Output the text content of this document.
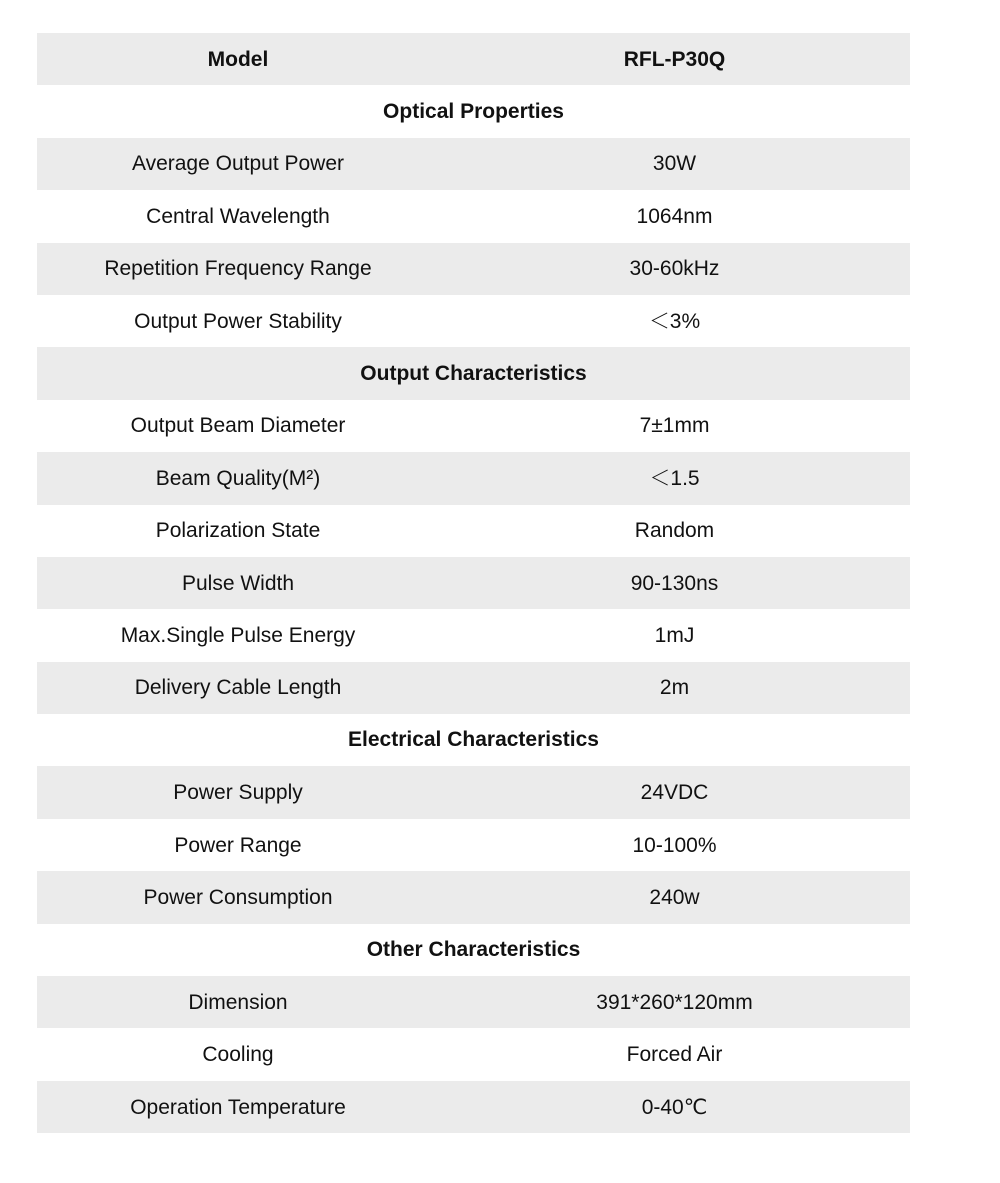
Model	RFL-P30Q
Optical Properties
Average Output Power	30W
Central Wavelength	1064nm
Repetition Frequency Range	30-60kHz
Output Power Stability	＜3%
Output Characteristics
Output Beam Diameter	7±1mm
Beam Quality(M²)	＜1.5
Polarization State	Random
Pulse Width	90-130ns
Max.Single Pulse Energy	1mJ
Delivery Cable Length	2m
Electrical Characteristics
Power Supply	24VDC
Power Range	10-100%
Power Consumption	240w
Other Characteristics
Dimension	391*260*120mm
Cooling	Forced Air
Operation Temperature	0-40℃
